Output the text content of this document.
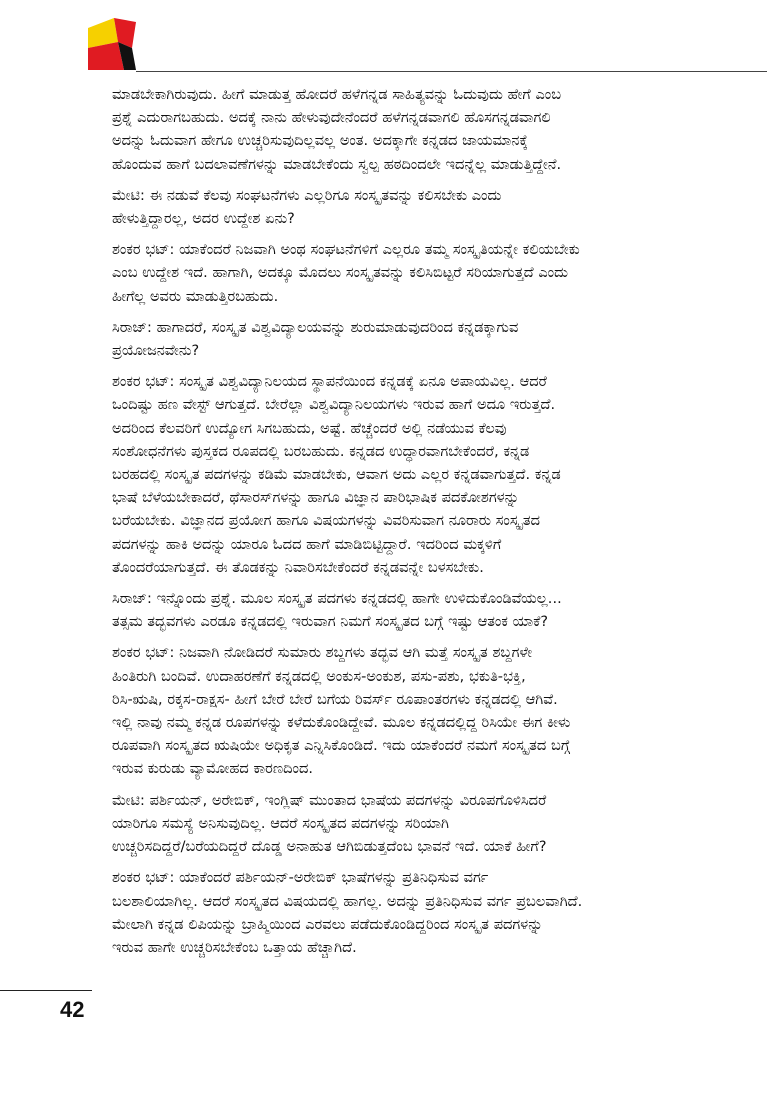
ಮಾಡಬೇಕಾಗಿರುವುದು. ಹೀಗೆ ಮಾಡುತ್ತ ಹೋದರೆ ಹಳೆಗನ್ನಡ ಸಾಹಿತ್ಯವನ್ನು ಓದುವುದು ಹೇಗೆ ಎಂಬ
ಪ್ರಶ್ನೆ ಎದುರಾಗಬಹುದು. ಅದಕ್ಕೆ ನಾನು ಹೇಳುವುದೇನೆಂದರೆ ಹಳೆಗನ್ನಡವಾಗಲಿ ಹೊಸಗನ್ನಡವಾಗಲಿ
ಅದನ್ನು ಓದುವಾಗ ಹೇಗೂ ಉಚ್ಚರಿಸುವುದಿಲ್ಲವಲ್ಲ ಅಂತ. ಅದಕ್ಕಾಗೇ ಕನ್ನಡದ ಜಾಯಮಾನಕ್ಕೆ
ಹೊಂದುವ ಹಾಗೆ ಬದಲಾವಣೆಗಳನ್ನು ಮಾಡಬೇಕೆಂದು ಸ್ವಲ್ಪ ಹಠದಿಂದಲೇ ಇದನ್ನೆಲ್ಲ ಮಾಡುತ್ತಿದ್ದೇನೆ.

ಮೇಟಿ: ಈ ನಡುವೆ ಕೆಲವು ಸಂಘಟನೆಗಳು ಎಲ್ಲರಿಗೂ ಸಂಸ್ಕೃತವನ್ನು ಕಲಿಸಬೇಕು ಎಂದು
ಹೇಳುತ್ತಿದ್ದಾರಲ್ಲ, ಅದರ ಉದ್ದೇಶ ಏನು?

ಶಂಕರ ಭಟ್: ಯಾಕೆಂದರೆ ನಿಜವಾಗಿ ಅಂಥ ಸಂಘಟನೆಗಳಿಗೆ ಎಲ್ಲರೂ ತಮ್ಮ ಸಂಸ್ಕೃತಿಯನ್ನೇ ಕಲಿಯಬೇಕು
ಎಂಬ ಉದ್ದೇಶ ಇದೆ. ಹಾಗಾಗಿ, ಅದಕ್ಕೂ ಮೊದಲು ಸಂಸ್ಕೃತವನ್ನು ಕಲಿಸಿಬಿಟ್ಟರೆ ಸರಿಯಾಗುತ್ತದೆ ಎಂದು
ಹೀಗೆಲ್ಲ ಅವರು ಮಾಡುತ್ತಿರಬಹುದು.

ಸಿರಾಜ್: ಹಾಗಾದರೆ, ಸಂಸ್ಕೃತ ವಿಶ್ವವಿದ್ಯಾಲಯವನ್ನು ಶುರುಮಾಡುವುದರಿಂದ ಕನ್ನಡಕ್ಕಾಗುವ
ಪ್ರಯೋಜನವೇನು?

ಶಂಕರ ಭಟ್: ಸಂಸ್ಕೃತ ವಿಶ್ವವಿದ್ಯಾನಿಲಯದ ಸ್ಥಾಪನೆಯಿಂದ ಕನ್ನಡಕ್ಕೆ ಏನೂ ಅಪಾಯವಿಲ್ಲ. ಆದರೆ
ಒಂದಿಷ್ಟು ಹಣ ವೇಸ್ಟ್ ಆಗುತ್ತದೆ. ಬೇರೆಲ್ಲಾ ವಿಶ್ವವಿದ್ಯಾನಿಲಯಗಳು ಇರುವ ಹಾಗೆ ಅದೂ ಇರುತ್ತದೆ.
ಅದರಿಂದ ಕೆಲವರಿಗೆ ಉದ್ಯೋಗ ಸಿಗಬಹುದು, ಅಷ್ಟೆ. ಹೆಚ್ಚೆಂದರೆ ಅಲ್ಲಿ ನಡೆಯುವ ಕೆಲವು
ಸಂಶೋಧನೆಗಳು ಪುಸ್ತಕದ ರೂಪದಲ್ಲಿ ಬರಬಹುದು. ಕನ್ನಡದ ಉದ್ಧಾರವಾಗಬೇಕೆಂದರೆ, ಕನ್ನಡ
ಬರಹದಲ್ಲಿ ಸಂಸ್ಕೃತ ಪದಗಳನ್ನು ಕಡಿಮೆ ಮಾಡಬೇಕು, ಆವಾಗ ಅದು ಎಲ್ಲರ ಕನ್ನಡವಾಗುತ್ತದೆ. ಕನ್ನಡ
ಭಾಷೆ ಬೆಳೆಯಬೇಕಾದರೆ, ಥೆಸಾರಸ್‌ಗಳನ್ನು ಹಾಗೂ ವಿಜ್ಞಾನ ಪಾರಿಭಾಷಿಕ ಪದಕೋಶಗಳನ್ನು
ಬರೆಯಬೇಕು. ವಿಜ್ಞಾನದ ಪ್ರಯೋಗ ಹಾಗೂ ವಿಷಯಗಳನ್ನು ವಿವರಿಸುವಾಗ ನೂರಾರು ಸಂಸ್ಕೃತದ
ಪದಗಳನ್ನು ಹಾಕಿ ಅದನ್ನು ಯಾರೂ ಓದದ ಹಾಗೆ ಮಾಡಿಬಿಟ್ಟಿದ್ದಾರೆ. ಇದರಿಂದ ಮಕ್ಕಳಿಗೆ
ತೊಂದರೆಯಾಗುತ್ತದೆ. ಈ ತೊಡಕನ್ನು ನಿವಾರಿಸಬೇಕೆಂದರೆ ಕನ್ನಡವನ್ನೇ ಬಳಸಬೇಕು.

ಸಿರಾಜ್: ಇನ್ನೊಂದು ಪ್ರಶ್ನೆ. ಮೂಲ ಸಂಸ್ಕೃತ ಪದಗಳು ಕನ್ನಡದಲ್ಲಿ ಹಾಗೇ ಉಳಿದುಕೊಂಡಿವೆಯಲ್ಲ...
ತತ್ಸಮ ತದ್ಭವಗಳು ಎರಡೂ ಕನ್ನಡದಲ್ಲಿ ಇರುವಾಗ ನಿಮಗೆ ಸಂಸ್ಕೃತದ ಬಗ್ಗೆ ಇಷ್ಟು ಆತಂಕ ಯಾಕೆ?

ಶಂಕರ ಭಟ್: ನಿಜವಾಗಿ ನೋಡಿದರೆ ಸುಮಾರು ಶಬ್ದಗಳು ತದ್ಭವ ಆಗಿ ಮತ್ತೆ ಸಂಸ್ಕೃತ ಶಬ್ದಗಳೇ
ಹಿಂತಿರುಗಿ ಬಂದಿವೆ. ಉದಾಹರಣೆಗೆ ಕನ್ನಡದಲ್ಲಿ ಅಂಕುಸ-ಅಂಕುಶ, ಪಸು-ಪಶು, ಭಕುತಿ-ಭಕ್ತಿ,
ರಿಸಿ-ಋಷಿ, ರಕ್ಕಸ-ರಾಕ್ಷಸ- ಹೀಗೆ ಬೇರೆ ಬೇರೆ ಬಗೆಯ ರಿವರ್ಸ್ ರೂಪಾಂತರಗಳು ಕನ್ನಡದಲ್ಲಿ ಆಗಿವೆ.
ಇಲ್ಲಿ ನಾವು ನಮ್ಮ ಕನ್ನಡ ರೂಪಗಳನ್ನು ಕಳೆದುಕೊಂಡಿದ್ದೇವೆ. ಮೂಲ ಕನ್ನಡದಲ್ಲಿದ್ದ ರಿಸಿಯೇ ಈಗ ಕೀಳು
ರೂಪವಾಗಿ ಸಂಸ್ಕೃತದ ಋಷಿಯೇ ಅಧಿಕೃತ ಎನ್ನಿಸಿಕೊಂಡಿದೆ. ಇದು ಯಾಕೆಂದರೆ ನಮಗೆ ಸಂಸ್ಕೃತದ ಬಗ್ಗೆ
ಇರುವ ಕುರುಡು ವ್ಯಾಮೋಹದ ಕಾರಣದಿಂದ.

ಮೇಟಿ: ಪರ್ಶಿಯನ್, ಅರೇಬಿಕ್, ಇಂಗ್ಲಿಷ್ ಮುಂತಾದ ಭಾಷೆಯ ಪದಗಳನ್ನು ವಿರೂಪಗೊಳಿಸಿದರೆ
ಯಾರಿಗೂ ಸಮಸ್ಯೆ ಅನಿಸುವುದಿಲ್ಲ. ಆದರೆ ಸಂಸ್ಕೃತದ ಪದಗಳನ್ನು ಸರಿಯಾಗಿ
ಉಚ್ಚರಿಸದಿದ್ದರೆ/ಬರೆಯದಿದ್ದರೆ ದೊಡ್ಡ ಅನಾಹುತ ಆಗಿಬಿಡುತ್ತದೆಂಬ ಭಾವನೆ ಇದೆ. ಯಾಕೆ ಹೀಗೆ?

ಶಂಕರ ಭಟ್: ಯಾಕೆಂದರೆ ಪರ್ಶಿಯನ್-ಅರೇಬಿಕ್ ಭಾಷೆಗಳನ್ನು ಪ್ರತಿನಿಧಿಸುವ ವರ್ಗ
ಬಲಶಾಲಿಯಾಗಿಲ್ಲ. ಆದರೆ ಸಂಸ್ಕೃತದ ವಿಷಯದಲ್ಲಿ ಹಾಗಲ್ಲ. ಅದನ್ನು ಪ್ರತಿನಿಧಿಸುವ ವರ್ಗ ಪ್ರಬಲವಾಗಿದೆ.
ಮೇಲಾಗಿ ಕನ್ನಡ ಲಿಪಿಯನ್ನು ಬ್ರಾಹ್ಮಿಯಿಂದ ಎರವಲು ಪಡೆದುಕೊಂಡಿದ್ದರಿಂದ ಸಂಸ್ಕೃತ ಪದಗಳನ್ನು
ಇರುವ ಹಾಗೇ ಉಚ್ಚರಿಸಬೇಕೆಂಬ ಒತ್ತಾಯ ಹೆಚ್ಚಾಗಿದೆ.

42
